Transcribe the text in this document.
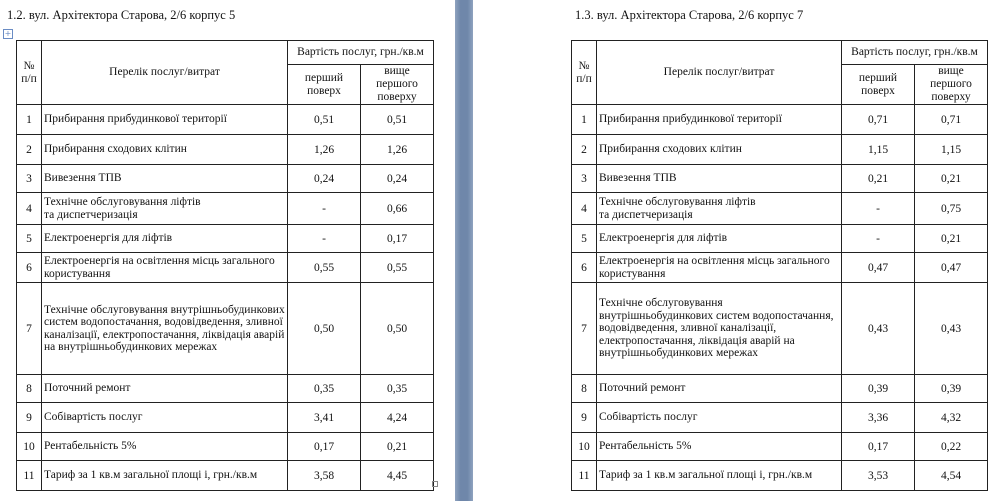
1.2. вул. Архітектора Старова, 2/6 корпус 5
+
№ п/п	Перелік послуг/витрат	Вартість послуг, грн./кв.м	
		перший поверх	вище першого поверху
1	Прибирання прибудинкової території	0,51	0,51
2	Прибирання сходових клітин	1,26	1,26
3	Вивезення ТПВ	0,24	0,24
4	Технічне обслуговування ліфтів
та диспетчеризація	-	0,66
5	Електроенергія для ліфтів	-	0,17
6	Електроенергія на освітлення місць загального користування	0,55	0,55
7	Технічне обслуговування внутрішньобудинкових систем водопостачання, водовідведення, зливної каналізації, електропостачання, ліквідація аварій на внутрішньобудинкових мережах	0,50	0,50
8	Поточний ремонт	0,35	0,35
9	Собівартість послуг	3,41	4,24
10	Рентабельність 5%	0,17	0,21
11	Тариф за 1 кв.м загальної площі і, грн./кв.м	3,58	4,45
1.3. вул. Архітектора Старова, 2/6 корпус 7
№ п/п	Перелік послуг/витрат	Вартість послуг, грн./кв.м	
		перший поверх	вище першого поверху
1	Прибирання прибудинкової території	0,71	0,71
2	Прибирання сходових клітин	1,15	1,15
3	Вивезення ТПВ	0,21	0,21
4	Технічне обслуговування ліфтів
та диспетчеризація	-	0,75
5	Електроенергія для ліфтів	-	0,21
6	Електроенергія на освітлення місць загального користування	0,47	0,47
7	Технічне обслуговування внутрішньобудинкових систем водопостачання, водовідведення, зливної каналізації, електропостачання, ліквідація аварій на внутрішньобудинкових мережах	0,43	0,43
8	Поточний ремонт	0,39	0,39
9	Собівартість послуг	3,36	4,32
10	Рентабельність 5%	0,17	0,22
11	Тариф за 1 кв.м загальної площі і, грн./кв.м	3,53	4,54
